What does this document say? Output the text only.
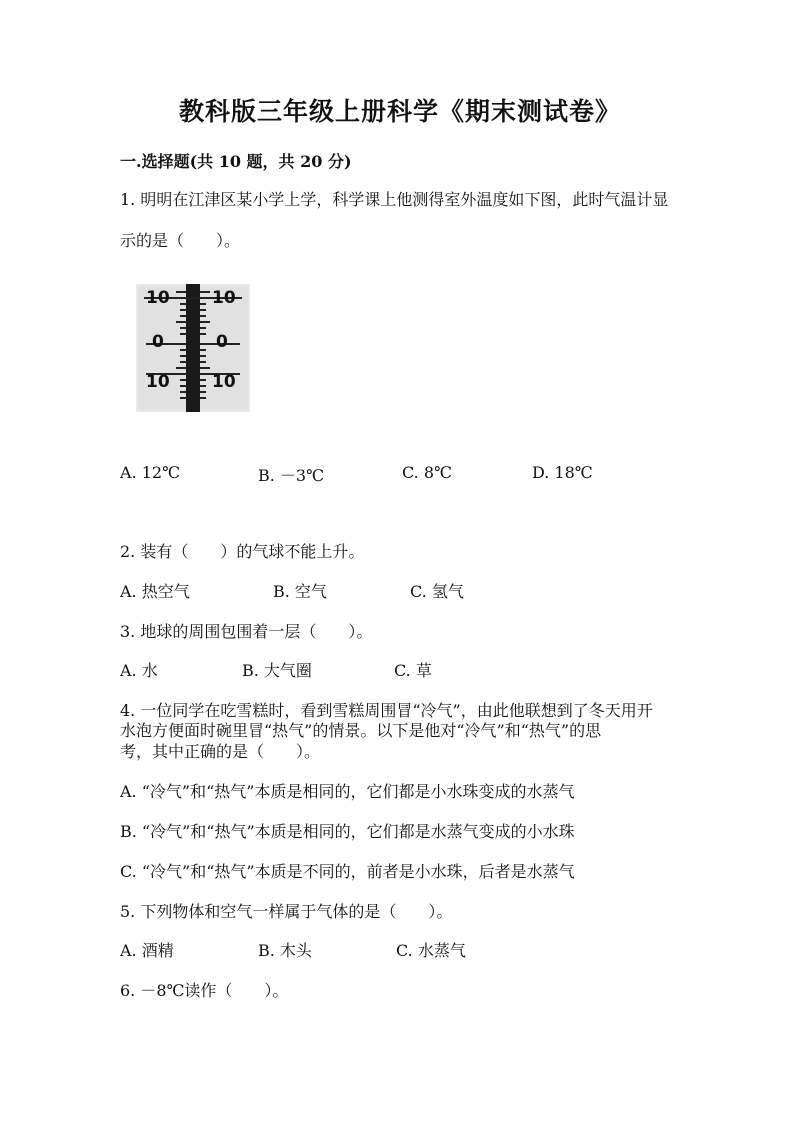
教科版三年级上册科学《期末测试卷》
一.选择题(共 10 题，共 20 分)
1. 明明在江津区某小学上学，科学课上他测得室外温度如下图，此时气温计显
示的是（　　）。
10 10
0	0
10 10
A. 12℃	B. －3℃	C. 8℃	D. 18℃
2. 装有（　　）的气球不能上升。
A. 热空气	B. 空气	C. 氢气
3. 地球的周围包围着一层（　　）。
A. 水	B. 大气圈	C. 草
4. 一位同学在吃雪糕时，看到雪糕周围冒“冷气”，由此他联想到了冬天用开
水泡方便面时碗里冒“热气”的情景。以下是他对“冷气”和“热气”的思
考，其中正确的是（　　）。
A. “冷气”和“热气”本质是相同的，它们都是小水珠变成的水蒸气
B. “冷气”和“热气”本质是相同的，它们都是水蒸气变成的小水珠
C. “冷气”和“热气”本质是不同的，前者是小水珠，后者是水蒸气
5. 下列物体和空气一样属于气体的是（　　）。
A. 酒精	B. 木头	C. 水蒸气
6. －8℃读作（　　）。
